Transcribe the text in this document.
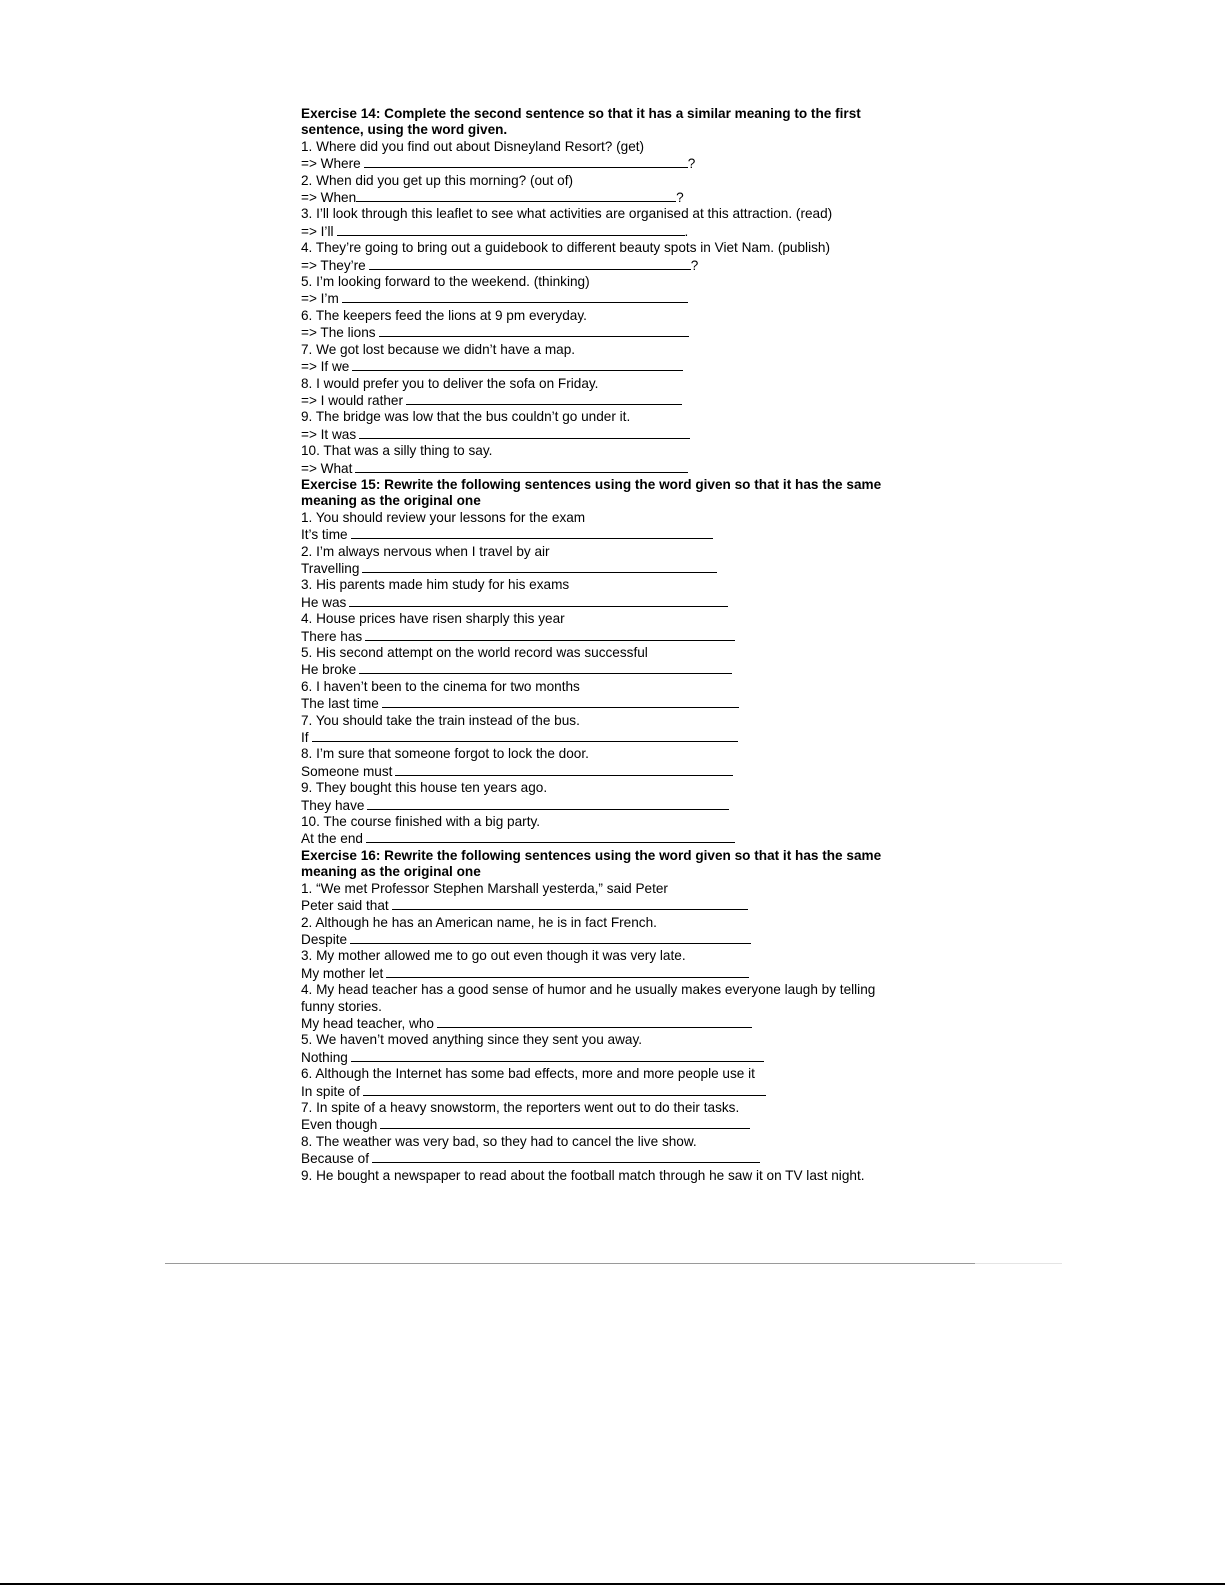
Exercise 14: Complete the second sentence so that it has a similar meaning to the first
sentence, using the word given.
1. Where did you find out about Disneyland Resort? (get)
=> Where	?
2. When did you get up this morning? (out of)
=> When	?
3. I’ll look through this leaflet to see what activities are organised at this attraction. (read)
=> I’ll	.
4. They’re going to bring out a guidebook to different beauty spots in Viet Nam. (publish)
=> They’re	?
5. I’m looking forward to the weekend. (thinking)
=> I’m
6. The keepers feed the lions at 9 pm everyday.
=> The lions
7. We got lost because we didn’t have a map.
=> If we
8. I would prefer you to deliver the sofa on Friday.
=> I would rather
9. The bridge was low that the bus couldn’t go under it.
=> It was
10. That was a silly thing to say.
=> What
Exercise 15: Rewrite the following sentences using the word given so that it has the same
meaning as the original one
1. You should review your lessons for the exam
It’s time
2. I’m always nervous when I travel by air
Travelling
3. His parents made him study for his exams
He was
4. House prices have risen sharply this year
There has
5. His second attempt on the world record was successful
He broke
6. I haven’t been to the cinema for two months
The last time
7. You should take the train instead of the bus.
If
8. I’m sure that someone forgot to lock the door.
Someone must
9. They bought this house ten years ago.
They have
10. The course finished with a big party.
At the end
Exercise 16: Rewrite the following sentences using the word given so that it has the same
meaning as the original one
1. “We met Professor Stephen Marshall yesterda,” said Peter
Peter said that
2. Although he has an American name, he is in fact French.
Despite
3. My mother allowed me to go out even though it was very late.
My mother let
4. My head teacher has a good sense of humor and he usually makes everyone laugh by telling
funny stories.
My head teacher, who
5. We haven’t moved anything since they sent you away.
Nothing
6. Although the Internet has some bad effects, more and more people use it
In spite of
7. In spite of a heavy snowstorm, the reporters went out to do their tasks.
Even though
8. The weather was very bad, so they had to cancel the live show.
Because of
9. He bought a newspaper to read about the football match through he saw it on TV last night.
